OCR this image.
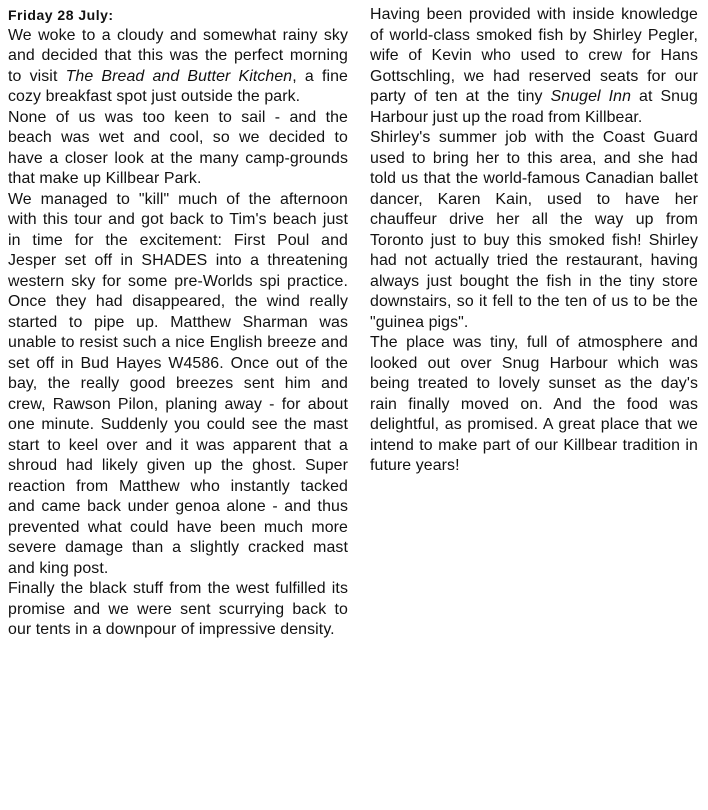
Friday 28 July:

We woke to a cloudy and somewhat rainy sky and decided that this was the perfect morning to visit The Bread and Butter Kitchen, a fine cozy breakfast spot just outside the park.

None of us was too keen to sail - and the beach was wet and cool, so we decided to have a closer look at the many camp-grounds that make up Killbear Park.

We managed to "kill" much of the afternoon with this tour and got back to Tim's beach just in time for the excitement: First Poul and Jesper set off in SHADES into a threatening western sky for some pre-Worlds spi practice. Once they had disappeared, the wind really started to pipe up. Matthew Sharman was unable to resist such a nice English breeze and set off in Bud Hayes W4586. Once out of the bay, the really good breezes sent him and crew, Rawson Pilon, planing away - for about one minute. Suddenly you could see the mast start to keel over and it was apparent that a shroud had likely given up the ghost. Super reaction from Matthew who instantly tacked and came back under genoa alone - and thus prevented what could have been much more severe damage than a slightly cracked mast and king post.

Finally the black stuff from the west fulfilled its promise and we were sent scurrying back to our tents in a downpour of impressive density.

Having been provided with inside knowledge of world-class smoked fish by Shirley Pegler, wife of Kevin who used to crew for Hans Gottschling, we had reserved seats for our party of ten at the tiny Snugel Inn at Snug Harbour just up the road from Killbear.

Shirley's summer job with the Coast Guard used to bring her to this area, and she had told us that the world-famous Canadian ballet dancer, Karen Kain, used to have her chauffeur drive her all the way up from Toronto just to buy this smoked fish! Shirley had not actually tried the restaurant, having always just bought the fish in the tiny store downstairs, so it fell to the ten of us to be the "guinea pigs".

The place was tiny, full of atmosphere and looked out over Snug Harbour which was being treated to lovely sunset as the day's rain finally moved on. And the food was delightful, as promised. A great place that we intend to make part of our Killbear tradition in future years!
